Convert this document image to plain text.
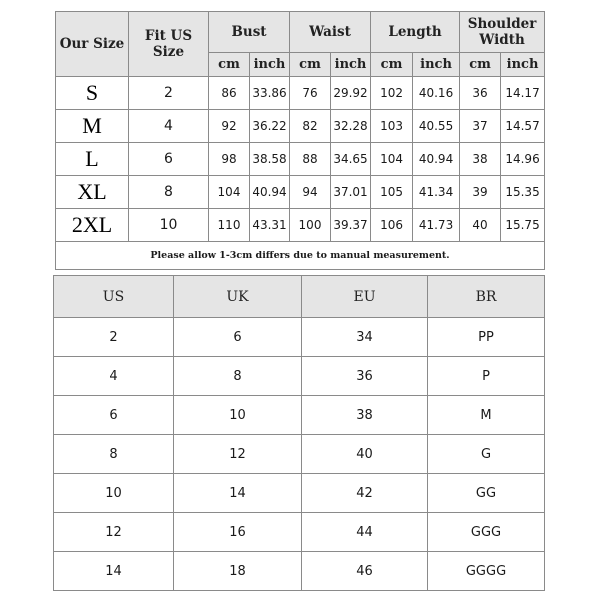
Our Size	Fit US Size	Bust		Waist		Length		Shoulder Width	
		cm	inch	cm	inch	cm	inch	cm	inch
S	2	86	33.86	76	29.92	102	40.16	36	14.17
M	4	92	36.22	82	32.28	103	40.55	37	14.57
L	6	98	38.58	88	34.65	104	40.94	38	14.96
XL	8	104	40.94	94	37.01	105	41.34	39	15.35
2XL	10	110	43.31	100	39.37	106	41.73	40	15.75
Please allow 1-3cm differs due to manual measurement.									
US	UK	EU	BR
2	6	34	PP
4	8	36	P
6	10	38	M
8	12	40	G
10	14	42	GG
12	16	44	GGG
14	18	46	GGGG
